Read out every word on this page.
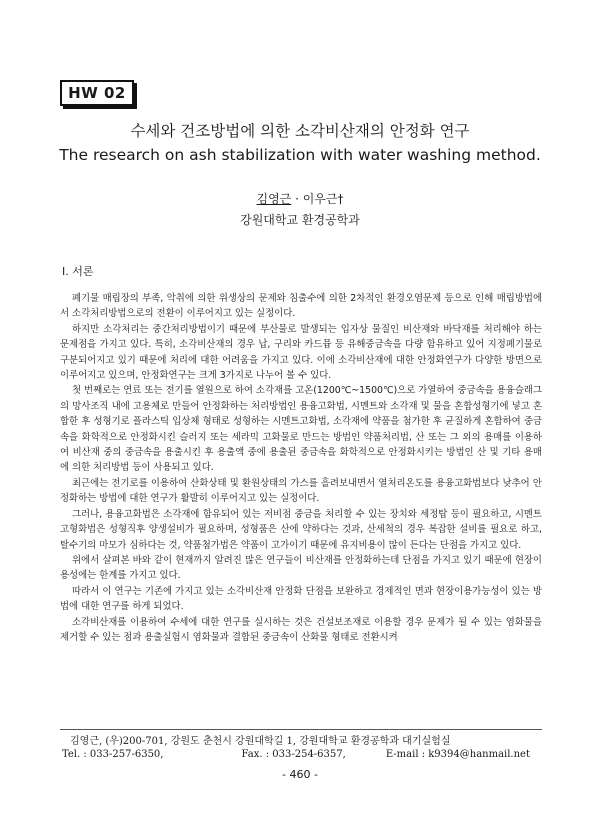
HW 02
수세와 건조방법에 의한 소각비산재의 안정화 연구
The research on ash stabilization with water washing method.
김영근 · 이우근†
강원대학교 환경공학과
Ⅰ. 서론

폐기물 매립장의 부족, 악취에 의한 위생상의 문제와 침출수에 의한 2차적인 환경오염문제 등으로 인해 매립방법에서 소각처리방법으로의 전환이 이루어지고 있는 실정이다.

하지만 소각처리는 중간처리방법이기 때문에 부산물로 발생되는 입자상 물질인 비산재와 바닥재를 처리해야 하는 문제점을 가지고 있다. 특히, 소각비산재의 경우 납, 구리와 카드뮴 등 유해중금속을 다량 함유하고 있어 지정폐기물로 구분되어지고 있기 때문에 처리에 대한 어려움을 가지고 있다. 이에 소각비산재에 대한 안정화연구가 다양한 방면으로 이루어지고 있으며, 안정화연구는 크게 3가지로 나누어 볼 수 있다.

첫 번째로는 연료 또는 전기를 열원으로 하여 소각재를 고온(1200℃~1500℃)으로 가열하여 중금속을 용융슬래그의 망사조직 내에 고용체로 만들어 안정화하는 처리방법인 용융고화법, 시멘트와 소각재 및 물을 혼합성형기에 넣고 혼합한 후 성형기로 플라스틱 입상체 형태로 성형하는 시멘트고화법, 소각재에 약품을 첨가한 후 균질하게 혼합하여 중금속을 화학적으로 안정화시킨 슬러지 또는 세라믹 고화물로 만드는 방법인 약품처리법, 산 또는 그 외의 용매를 이용하여 비산재 중의 중금속을 용출시킨 후 용출액 중에 용출된 중금속을 화학적으로 안정화시키는 방법인 산 및 기타 용매에 의한 처리방법 등이 사용되고 있다.

최근에는 전기로를 이용하여 산화상태 및 환원상태의 가스를 흘려보내면서 열처리온도를 용융고화법보다 낮추어 안정화하는 방법에 대한 연구가 활발히 이루어지고 있는 실정이다.

그러나, 용융고화법은 소각재에 함유되어 있는 저비점 중금을 처리할 수 있는 장치와 세정탑 등이 필요하고, 시멘트 고형화법은 성형직후 양생설비가 필요하며, 성형품은 산에 약하다는 것과, 산세척의 경우 복잡한 설비를 필요로 하고, 탈수기의 마모가 심하다는 것, 약품첨가법은 약품이 고가이기 때문에 유지비용이 많이 든다는 단점을 가지고 있다.

위에서 살펴본 바와 같이 현재까지 알려진 많은 연구들이 비산재를 안정화하는데 단점을 가지고 있기 때문에 현장이용성에는 한계를 가지고 있다.

따라서 이 연구는 기존에 가지고 있는 소각비산재 안정화 단점을 보완하고 경제적인 면과 현장이용가능성이 있는 방법에 대한 연구를 하게 되었다.

소각비산재를 이용하여 수세에 대한 연구를 실시하는 것은 건설보조재로 이용할 경우 문제가 될 수 있는 염화물을 제거할 수 있는 점과 용출실험시 염화물과 결합된 중금속이 산화물 형태로 전환시켜

김영근, (우)200-701, 강원도 춘천시 강원대학길 1, 강원대학교 환경공학과 대기실험실
Tel. : 033-257-6350,	Fax. : 033-254-6357,	E-mail : k9394@hanmail.net
- 460 -
